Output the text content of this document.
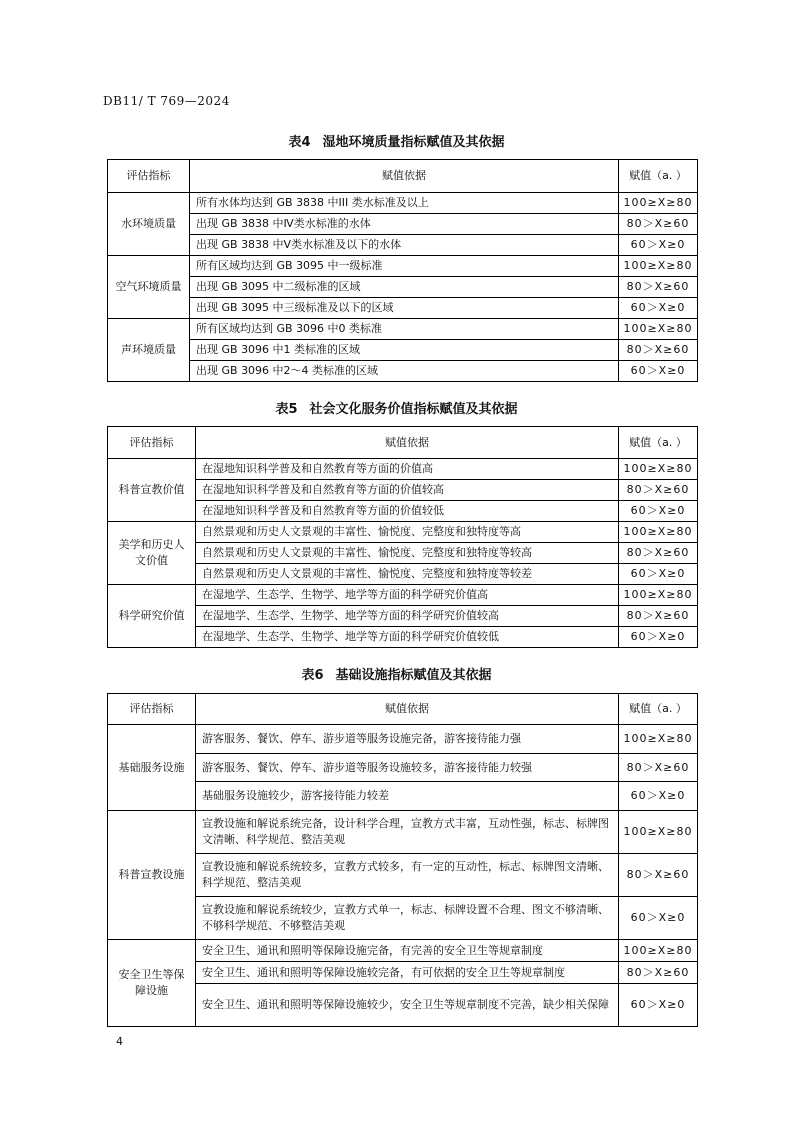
DB11/ T 769—2024
表4 湿地环境质量指标赋值及其依据
评估指标	赋值依据	赋值（a. ）
水环境质量	所有水体均达到 GB 3838 中III 类水标准及以上	100≥X≥80
	出现 GB 3838 中Ⅳ类水标准的水体	80＞X≥60
	出现 GB 3838 中Ⅴ类水标准及以下的水体	60＞X≥0
空气环境质量	所有区域均达到 GB 3095 中一级标准	100≥X≥80
	出现 GB 3095 中二级标准的区域	80＞X≥60
	出现 GB 3095 中三级标准及以下的区域	60＞X≥0
声环境质量	所有区域均达到 GB 3096 中0 类标准	100≥X≥80
	出现 GB 3096 中1 类标准的区域	80＞X≥60
	出现 GB 3096 中2～4 类标准的区域	60＞X≥0
表5 社会文化服务价值指标赋值及其依据
评估指标	赋值依据	赋值（a. ）
科普宣教价值	在湿地知识科学普及和自然教育等方面的价值高	100≥X≥80
	在湿地知识科学普及和自然教育等方面的价值较高	80＞X≥60
	在湿地知识科学普及和自然教育等方面的价值较低	60＞X≥0
美学和历史人文价值	自然景观和历史人文景观的丰富性、愉悦度、完整度和独特度等高	100≥X≥80
	自然景观和历史人文景观的丰富性、愉悦度、完整度和独特度等较高	80＞X≥60
	自然景观和历史人文景观的丰富性、愉悦度、完整度和独特度等较差	60＞X≥0
科学研究价值	在湿地学、生态学、生物学、地学等方面的科学研究价值高	100≥X≥80
	在湿地学、生态学、生物学、地学等方面的科学研究价值较高	80＞X≥60
	在湿地学、生态学、生物学、地学等方面的科学研究价值较低	60＞X≥0
表6 基础设施指标赋值及其依据
评估指标	赋值依据	赋值（a. ）
基础服务设施	游客服务、餐饮、停车、游步道等服务设施完备，游客接待能力强	100≥X≥80
	游客服务、餐饮、停车、游步道等服务设施较多，游客接待能力较强	80＞X≥60
	基础服务设施较少，游客接待能力较差	60＞X≥0
科普宣教设施	宣教设施和解说系统完备，设计科学合理，宣教方式丰富，互动性强，标志、标牌图文清晰、科学规范、整洁美观	100≥X≥80
	宣教设施和解说系统较多，宣教方式较多，有一定的互动性，标志、标牌图文清晰、科学规范、整洁美观	80＞X≥60
	宣教设施和解说系统较少，宣教方式单一，标志、标牌设置不合理、图文不够清晰、不够科学规范、不够整洁美观	60＞X≥0
安全卫生等保障设施	安全卫生、通讯和照明等保障设施完备，有完善的安全卫生等规章制度	100≥X≥80
	安全卫生、通讯和照明等保障设施较完备，有可依据的安全卫生等规章制度	80＞X≥60
	安全卫生、通讯和照明等保障设施较少，安全卫生等规章制度不完善，缺少相关保障	60＞X≥0
4
